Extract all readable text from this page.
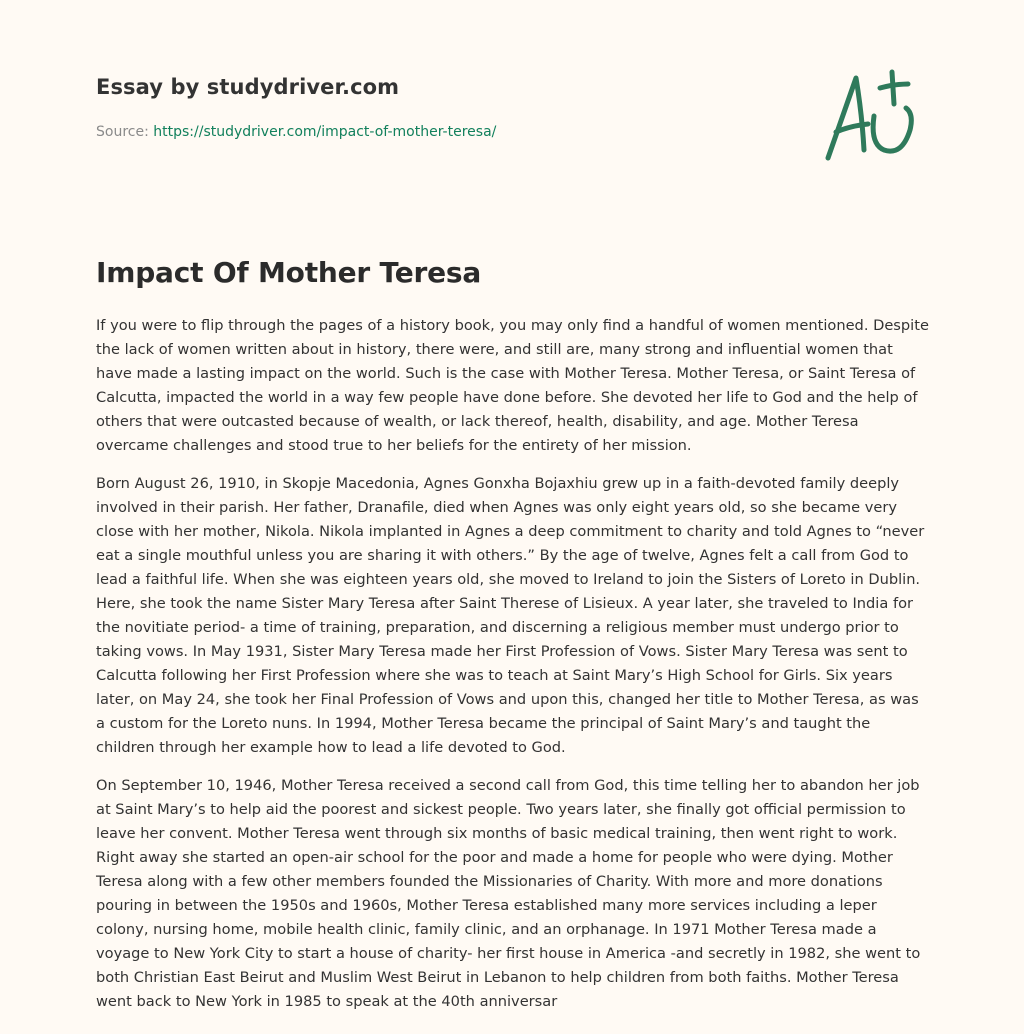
Essay by studydriver.com
Source: https://studydriver.com/impact-of-mother-teresa/
Impact Of Mother Teresa

If you were to flip through the pages of a history book, you may only find a handful of women mentioned. Despite the lack of women written about in history, there were, and still are, many strong and influential women that have made a lasting impact on the world. Such is the case with Mother Teresa. Mother Teresa, or Saint Teresa of Calcutta, impacted the world in a way few people have done before. She devoted her life to God and the help of others that were outcasted because of wealth, or lack thereof, health, disability, and age. Mother Teresa overcame challenges and stood true to her beliefs for the entirety of her mission.

Born August 26, 1910, in Skopje Macedonia, Agnes Gonxha Bojaxhiu grew up in a faith-devoted family deeply involved in their parish. Her father, Dranafile, died when Agnes was only eight years old, so she became very close with her mother, Nikola. Nikola implanted in Agnes a deep commitment to charity and told Agnes to “never eat a single mouthful unless you are sharing it with others.” By the age of twelve, Agnes felt a call from God to lead a faithful life. When she was eighteen years old, she moved to Ireland to join the Sisters of Loreto in Dublin. Here, she took the name Sister Mary Teresa after Saint Therese of Lisieux. A year later, she traveled to India for the novitiate period- a time of training, preparation, and discerning a religious member must undergo prior to taking vows. In May 1931, Sister Mary Teresa made her First Profession of Vows. Sister Mary Teresa was sent to Calcutta following her First Profession where she was to teach at Saint Mary’s High School for Girls. Six years later, on May 24, she took her Final Profession of Vows and upon this, changed her title to Mother Teresa, as was a custom for the Loreto nuns. In 1994, Mother Teresa became the principal of Saint Mary’s and taught the children through her example how to lead a life devoted to God.

On September 10, 1946, Mother Teresa received a second call from God, this time telling her to abandon her job at Saint Mary’s to help aid the poorest and sickest people. Two years later, she finally got official permission to leave her convent. Mother Teresa went through six months of basic medical training, then went right to work. Right away she started an open-air school for the poor and made a home for people who were dying. Mother Teresa along with a few other members founded the Missionaries of Charity. With more and more donations pouring in between the 1950s and 1960s, Mother Teresa established many more services including a leper colony, nursing home, mobile health clinic, family clinic, and an orphanage. In 1971 Mother Teresa made a voyage to New York City to start a house of charity- her first house in America -and secretly in 1982, she went to both Christian East Beirut and Muslim West Beirut in Lebanon to help children from both faiths. Mother Teresa went back to New York in 1985 to speak at the 40th anniversar
